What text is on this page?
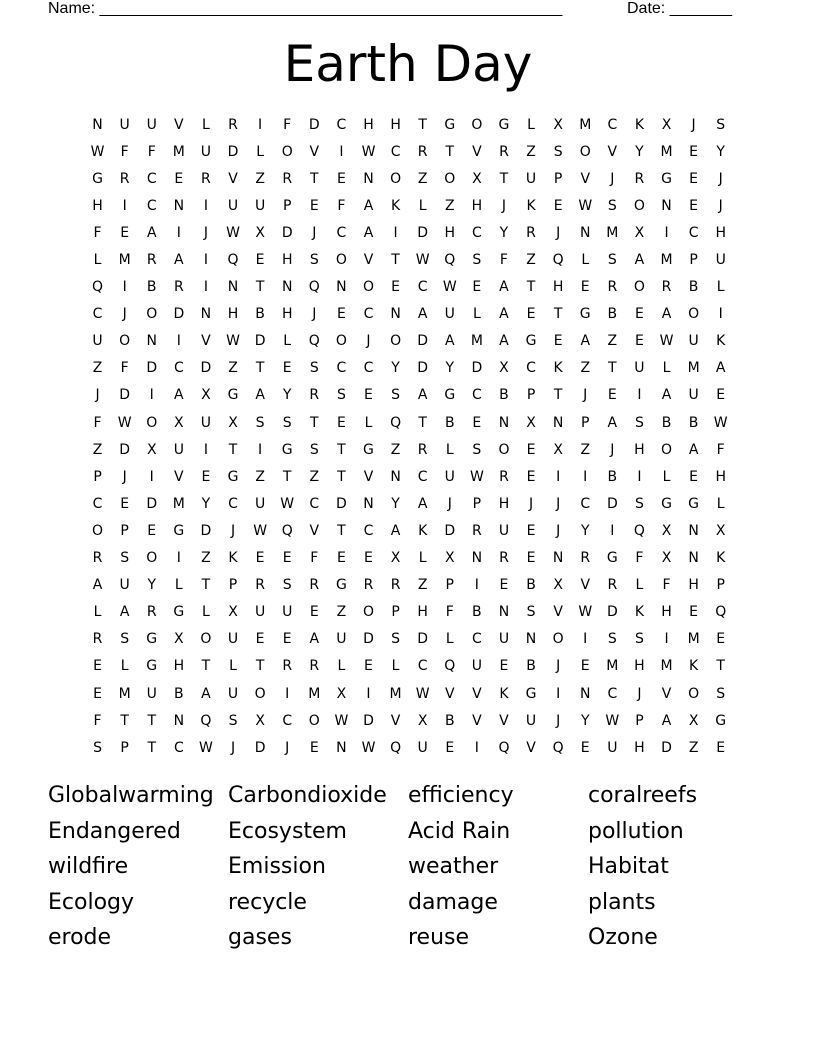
Name: ____________________________________________________	Date: _______
Earth Day
N	U	U	V	L	R	I	F	D	C	H	H	T	G	O	G	L	X	M	C	K	X	J	S
W	F	F	M	U	D	L	O	V	I	W	C	R	T	V	R	Z	S	O	V	Y	M	E	Y
G	R	C	E	R	V	Z	R	T	E	N	O	Z	O	X	T	U	P	V	J	R	G	E	J
H	I	C	N	I	U	U	P	E	F	A	K	L	Z	H	J	K	E	W	S	O	N	E	J
F	E	A	I	J	W	X	D	J	C	A	I	D	H	C	Y	R	J	N	M	X	I	C	H
L	M	R	A	I	Q	E	H	S	O	V	T	W	Q	S	F	Z	Q	L	S	A	M	P	U
Q	I	B	R	I	N	T	N	Q	N	O	E	C	W	E	A	T	H	E	R	O	R	B	L
C	J	O	D	N	H	B	H	J	E	C	N	A	U	L	A	E	T	G	B	E	A	O	I
U	O	N	I	V	W	D	L	Q	O	J	O	D	A	M	A	G	E	A	Z	E	W	U	K
Z	F	D	C	D	Z	T	E	S	C	C	Y	D	Y	D	X	C	K	Z	T	U	L	M	A
J	D	I	A	X	G	A	Y	R	S	E	S	A	G	C	B	P	T	J	E	I	A	U	E
F	W	O	X	U	X	S	S	T	E	L	Q	T	B	E	N	X	N	P	A	S	B	B	W
Z	D	X	U	I	T	I	G	S	T	G	Z	R	L	S	O	E	X	Z	J	H	O	A	F
P	J	I	V	E	G	Z	T	Z	T	V	N	C	U	W	R	E	I	I	B	I	L	E	H
C	E	D	M	Y	C	U	W	C	D	N	Y	A	J	P	H	J	J	C	D	S	G	G	L
O	P	E	G	D	J	W	Q	V	T	C	A	K	D	R	U	E	J	Y	I	Q	X	N	X
R	S	O	I	Z	K	E	E	F	E	E	X	L	X	N	R	E	N	R	G	F	X	N	K
A	U	Y	L	T	P	R	S	R	G	R	R	Z	P	I	E	B	X	V	R	L	F	H	P
L	A	R	G	L	X	U	U	E	Z	O	P	H	F	B	N	S	V	W	D	K	H	E	Q
R	S	G	X	O	U	E	E	A	U	D	S	D	L	C	U	N	O	I	S	S	I	M	E
E	L	G	H	T	L	T	R	R	L	E	L	C	Q	U	E	B	J	E	M	H	M	K	T
E	M	U	B	A	U	O	I	M	X	I	M	W	V	V	K	G	I	N	C	J	V	O	S
F	T	T	N	Q	S	X	C	O	W	D	V	X	B	V	V	U	J	Y	W	P	A	X	G
S	P	T	C	W	J	D	J	E	N	W	Q	U	E	I	Q	V	Q	E	U	H	D	Z	E
Globalwarming Carbondioxide efficiency	coralreefs
Endangered	Ecosystem	Acid Rain	pollution
wildfire	Emission	weather	Habitat
Ecology	recycle	damage	plants
erode	gases	reuse	Ozone
